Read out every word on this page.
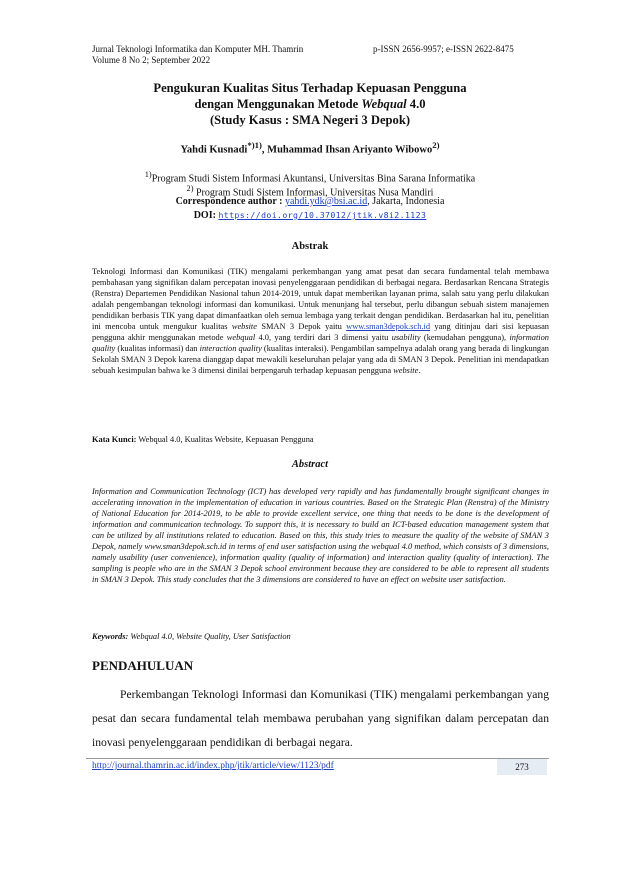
Jurnal Teknologi Informatika dan Komputer MH. Thamrin
Volume 8 No 2; September 2022
p-ISSN 2656-9957; e-ISSN 2622-8475
Pengukuran Kualitas Situs Terhadap Kepuasan Pengguna
dengan Menggunakan Metode Webqual 4.0
(Study Kasus : SMA Negeri 3 Depok)
Yahdi Kusnadi$^{*)1)}$, Muhammad Ihsan Ariyanto Wibowo$^{2)}$
$^{1)}$Program Studi Sistem Informasi Akuntansi, Universitas Bina Sarana Informatika
$^{2)}$ Program Studi Sistem Informasi, Universitas Nusa Mandiri
Correspondence author : yahdi.ydk@bsi.ac.id, Jakarta, Indonesia
DOI: https://doi.org/10.37012/jtik.v8i2.1123
Abstrak
Teknologi Informasi dan Komunikasi (TIK) mengalami perkembangan yang amat pesat dan secara fundamental telah membawa pembahasan yang signifikan dalam percepatan inovasi penyelenggaraan pendidikan di berbagai negara. Berdasarkan Rencana Strategis (Renstra) Departemen Pendidikan Nasional tahun 2014-2019, untuk dapat memberikan layanan prima, salah satu yang perlu dilakukan adalah pengembangan teknologi informasi dan komunikasi. Untuk menunjang hal tersebut, perlu dibangun sebuah sistem manajemen pendidikan berbasis TIK yang dapat dimanfaatkan oleh semua lembaga yang terkait dengan pendidikan. Berdasarkan hal itu, penelitian ini mencoba untuk mengukur kualitas website SMAN 3 Depok yaitu www.sman3depok.sch.id yang ditinjau dari sisi kepuasan pengguna akhir menggunakan metode webqual 4.0, yang terdiri dari 3 dimensi yaitu usability (kemudahan pengguna), information quality (kualitas informasi) dan interaction quality (kualitas interaksi). Pengambilan sampelnya adalah orang yang berada di lingkungan Sekolah SMAN 3 Depok karena dianggap dapat mewakili keseluruhan pelajar yang ada di SMAN 3 Depok. Penelitian ini mendapatkan sebuah kesimpulan bahwa ke 3 dimensi dinilai berpengaruh terhadap kepuasan pengguna website.
Kata Kunci: Webqual 4.0, Kualitas Website, Kepuasan Pengguna
Abstract
Information and Communication Technology (ICT) has developed very rapidly and has fundamentally brought significant changes in accelerating innovation in the implementation of education in various countries. Based on the Strategic Plan (Renstra) of the Ministry of National Education for 2014-2019, to be able to provide excellent service, one thing that needs to be done is the development of information and communication technology. To support this, it is necessary to build an ICT-based education management system that can be utilized by all institutions related to education. Based on this, this study tries to measure the quality of the website of SMAN 3 Depok, namely www.sman3depok.sch.id in terms of end user satisfaction using the webqual 4.0 method, which consists of 3 dimensions, namely usability (user convenience), information quality (quality of information) and interaction quality (quality of interaction). The sampling is people who are in the SMAN 3 Depok school environment because they are considered to be able to represent all students in SMAN 3 Depok. This study concludes that the 3 dimensions are considered to have an effect on website user satisfaction.
Keywords: Webqual 4.0, Website Quality, User Satisfaction
PENDAHULUAN
Perkembangan Teknologi Informasi dan Komunikasi (TIK) mengalami perkembangan yang pesat dan secara fundamental telah membawa perubahan yang signifikan dalam percepatan dan inovasi penyelenggaraan pendidikan di berbagai negara.
http://journal.thamrin.ac.id/index.php/jtik/article/view/1123/pdf	273
